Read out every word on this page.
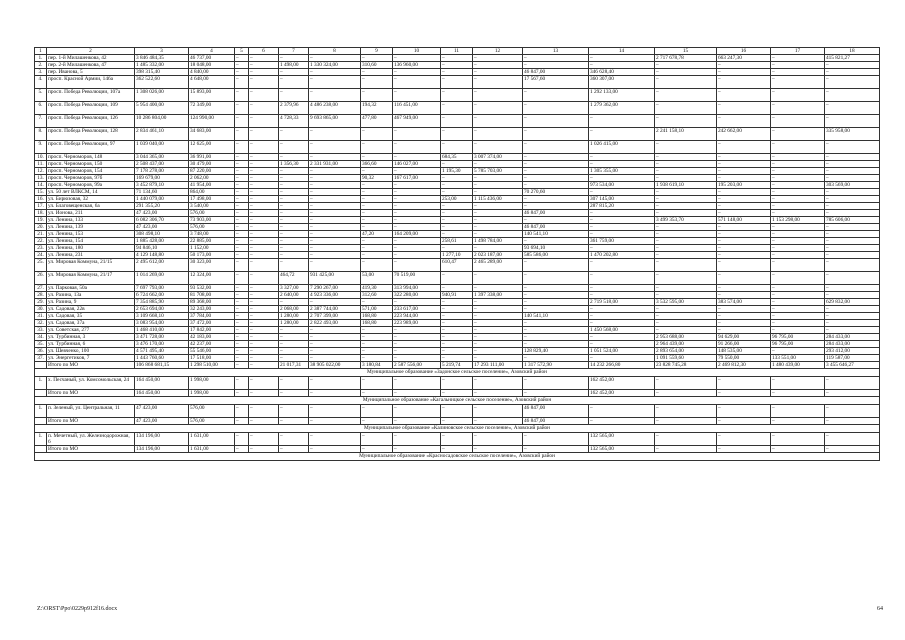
1	2	3	4	5	6	7	8	9	10	11	12	13	14	15	16	17	18
1.	пер. 1-й Милашенкова, 42	3 846 484,35	46 737,00	–	–	–	–	–	–	–	–	–	–	2 717 678,78	663 247,30	–	415 821,27
2.	пер. 2-й Милашенкова, 47	1 485 332,00	18 048,00	–	–	1 498,00	1 330 324,00	310,60	136 960,00	–	–	–	–	–	–	–	–
3.	пер. Иванова, 5	398 315,40	4 840,00	–	–	–	–	–	–	–	–	46 847,00	346 628,40	–	–	–	–
4.	просп. Красной Армии, 146а	362 522,60	4 648,00	–	–	–	–	–	–	–	–	17 567,60	360 307,00	–	–	–	–
5.	просп. Победа Революции, 107а	1 308 026,00	15 893,00	–	–	–	–	–	–	–	–	–	1 292 133,00	–	–	–	–
6.	просп. Победа Революции, 109	5 954 400,00	72 349,00	–	–	2 379,96	4 486 238,00	194,32	116 451,00	–	–	–	1 279 362,00	–	–	–	–
7.	просп. Победа Революции, 126	10 286 804,00	124 990,00	–	–	4 728,33	9 693 865,00	477,80	467 949,00	–	–	–	–	–	–	–	–
8.	просп. Победа Революции, 128	2 834 461,10	34 683,00	–	–	–	–	–	–	–	–	–	–	2 241 158,10	242 662,00	–	335 958,00
9.	просп. Победа Революции, 97	1 039 040,00	12 625,00	–	–	–	–	–	–	–	–	–	1 026 415,00	–	–	–	–
10.	просп. Черноморов, 148	3 044 365,00	36 991,00	–	–	–	–	–	–	684,35	3 007 374,00	–	–	–	–	–	–
11.	просп. Черноморов, 150	2 508 437,00	30 479,00	–	–	1 356,30	2 331 931,00	366,60	146 027,00	–	–	–	–	–	–	–	–
12.	просп. Черноморов, 154	7 178 278,00	87 220,00	–	–	–	–	–	–	1 195,30	5 785 703,00	–	1 305 355,00	–	–	–	–
13.	просп. Черноморов, 97б	169 679,00	2 062,00	–	–	–	–	90,32	167 617,00	–	–	–	–	–	–	–	–
14.	просп. Черноморов, 99а	3 452 879,10	41 954,00	–	–	–	–	–	–	–	–	–	973 534,00	1 938 619,10	195 203,00	–	303 569,00
15.	ул. 50 лет ВЛКСМ, 14	71 134,60	864,00	–	–	–	–	–	–	–	–	70 270,60	–	–	–	–	–
16.	ул. Бирюзовая, 32	1 440 079,00	17 498,00	–	–	–	–	–	–	253,00	1 115 436,00	–	307 145,00	–	–	–	–
17.	ул. Благовещенская, 6а	291 355,20	3 540,00	–	–	–	–	–	–	–	–	–	287 815,20	–	–	–	–
18.	ул. Ионова, 211	47 423,00	576,00	–	–	–	–	–	–	–	–	46 847,00	–	–	–	–	–
19.	ул. Ленина, 133	6 082 306,70	73 903,00	–	–	–	–	–	–	–	–	–	–	3 499 353,70	571 148,00	1 153 298,00	785 606,00
20.	ул. Ленина, 139	47 423,00	576,00	–	–	–	–	–	–	–	–	46 847,00	–	–	–	–	–
21.	ул. Ленина, 153	308 498,10	3 748,00	–	–	–	–	47,20	164 209,00	–	–	140 541,10	–	–	–	–	–
22.	ул. Ленина, 154	1 885 428,00	22 885,00	–	–	–	–	–	–	258,61	1 498 784,00	–	361 759,00	–	–	–	–
23.	ул. Ленина, 180	94 846,10	1 152,00	–	–	–	–	–	–	–	–	93 694,10	–	–	–	–	–
24.	ул. Ленина, 231	4 129 148,80	50 173,00	–	–	–	–	–	–	1 277,10	2 023 187,00	585 586,00	1 470 202,80	–	–	–	–
25.	ул. Мировая Коммуна, 21/15	2 495 612,00	30 323,00	–	–	–	–	–	–	610,47	2 465 289,00	–	–	–	–	–	–
26.	ул. Мировая Коммуна, 21/17	1 014 269,00	12 324,00	–	–	464,72	931 425,00	53,00	70 519,00	–	–	–	–	–	–	–	–
27.	ул. Парковая, 50а	7 697 793,00	93 532,00	–	–	3 327,00	7 290 267,00	419,30	313 994,00	–	–	–	–	–	–	–	–
28.	ул. Разина, 13а	6 724 662,00	81 708,00	–	–	2 640,00	4 923 336,00	312,60	322 280,00	940,91	1 397 338,00	–	–	–	–	–	–
29.	ул. Разина, 9	7 354 885,90	89 368,00	–	–	–	–	–	–	–	–	–	2 719 518,00	3 532 595,00	383 574,00	–	629 832,00
30.	ул. Садовая, 22в	2 653 694,00	32 243,00	–	–	2 068,00	2 387 744,00	571,00	233 617,00	–	–	–	–	–	–	–	–
31.	ул. Садовая, 35	3 109 668,10	37 784,00	–	–	1 280,00	2 707 399,00	168,80	223 944,00	–	–	140 541,10	–	–	–	–	–
32.	ул. Садовая, 37а	3 083 954,00	37 472,00	–	–	1 280,00	2 822 493,00	168,80	223 989,00	–	–	–	–	–	–	–	–
33.	ул. Советская, 277	1 468 410,00	17 842,00	–	–	–	–	–	–	–	–	–	1 450 568,00	–	–	–	–
34.	ул. Турбинная, 3	3 471 728,00	42 183,00	–	–	–	–	–	–	–	–	–	–	2 953 688,00	94 629,00	96 795,00	284 433,00
35.	ул. Турбинная, 6	3 476 170,00	42 237,00	–	–	–	–	–	–	–	–	–	–	2 964 439,00	91 266,00	96 795,00	284 433,00
36.	ул. Шевченко, 100	4 571 495,40	55 546,00	–	–	–	–	–	–	–	–	128 829,40	1 051 524,00	2 893 654,00	148 535,00	–	293 412,00
37.	ул. Энергетиков, 7	1 443 760,60	17 518,00	–	–	–	–	–	–	–	–	–	–	1 091 559,60	79 550,00	133 551,00	119 587,00
	Итого по МО	106 868 681,15	1 298 510,00	–	–	21 017,31	38 905 022,00	3 180,84	2 587 556,00	5 219,74	17 293 111,00	1 317 572,90	14 232 266,80	23 828 745,28	2 469 812,30	1 480 439,00	3 455 646,27
Муниципальное образование «Задонское сельское поселение», Азовский район																	
1.	х. Песчаный, ул. Комсомольская, 24	164 450,00	1 998,00	–	–	–	–	–	–	–	–	–	162 452,00	–	–	–	–
	Итого по МО	164 450,00	1 998,00	–	–	–	–	–	–	–	–	–	162 452,00	–	–	–	–
Муниципальное образование «Кагальницкое сельское поселение», Азовский район																	
1.	п. Зеленый, ул. Центральная, 11	47 423,00	576,00	–	–	–	–	–	–	–	–	46 847,00	–	–	–	–	–
	Итого по МО	47 423,00	576,00	–	–	–	–	–	–	–	–	46 847,00	–	–	–	–	–
Муниципальное образование «Калиновское сельское поселение», Азовский район																	
1.	п. Мечетный, ул. Железнодорожная, 6	134 196,00	1 631,00	–	–	–	–	–	–	–	–	–	132 565,00	–	–	–	–
	Итого по МО	134 196,00	1 631,00	–	–	–	–	–	–	–	–	–	132 565,00	–	–	–	–
Муниципальное образование «Красносадовское сельское поселение», Азовский район																	
Z:\ORST\Ppo\0229p912f16.docx	64
